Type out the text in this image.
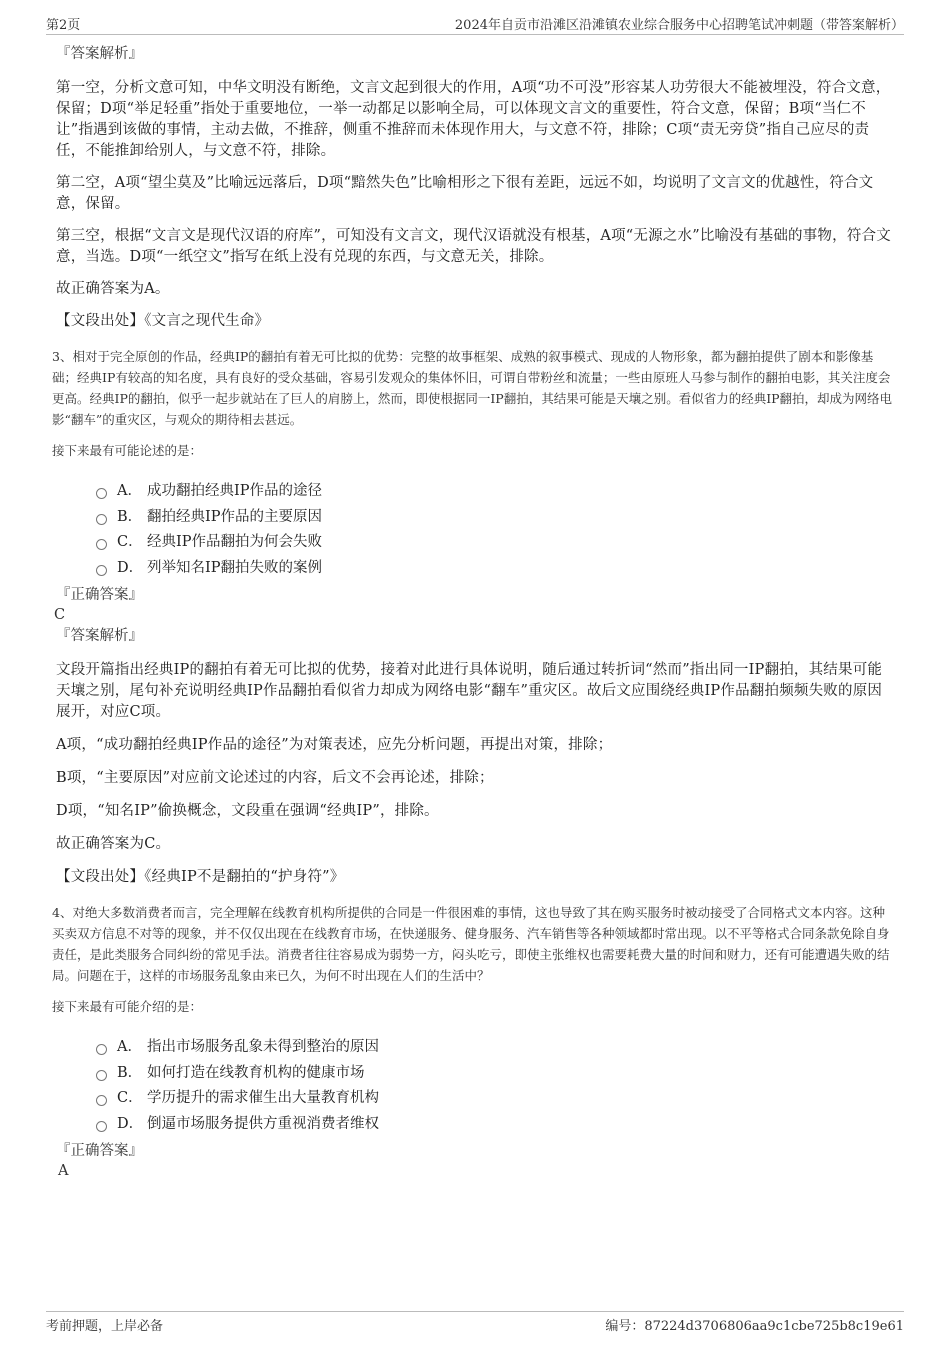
第2页	2024年自贡市沿滩区沿滩镇农业综合服务中心招聘笔试冲刺题（带答案解析）

『答案解析』

第一空，分析文意可知，中华文明没有断绝，文言文起到很大的作用，A项“功不可没”形容某人功劳很大不能被埋没，符合文意，保留；D项“举足轻重”指处于重要地位，一举一动都足以影响全局，可以体现文言文的重要性，符合文意，保留；B项“当仁不让”指遇到该做的事情，主动去做，不推辞，侧重不推辞而未体现作用大，与文意不符，排除；C项“责无旁贷”指自己应尽的责任，不能推卸给别人，与文意不符，排除。

第二空，A项“望尘莫及”比喻远远落后，D项“黯然失色”比喻相形之下很有差距，远远不如，均说明了文言文的优越性，符合文意，保留。

第三空，根据“文言文是现代汉语的府库”，可知没有文言文，现代汉语就没有根基，A项“无源之水”比喻没有基础的事物，符合文意，当选。D项“一纸空文”指写在纸上没有兑现的东西，与文意无关，排除。

故正确答案为A。

【文段出处】《文言之现代生命》

3、相对于完全原创的作品，经典IP的翻拍有着无可比拟的优势：完整的故事框架、成熟的叙事模式、现成的人物形象，都为翻拍提供了剧本和影像基础；经典IP有较高的知名度，具有良好的受众基础，容易引发观众的集体怀旧，可谓自带粉丝和流量；一些由原班人马参与制作的翻拍电影，其关注度会更高。经典IP的翻拍，似乎一起步就站在了巨人的肩膀上，然而，即使根据同一IP翻拍，其结果可能是天壤之别。看似省力的经典IP翻拍，却成为网络电影“翻车”的重灾区，与观众的期待相去甚远。

接下来最有可能论述的是：

A． 成功翻拍经典IP作品的途径
B． 翻拍经典IP作品的主要原因
C． 经典IP作品翻拍为何会失败
D． 列举知名IP翻拍失败的案例

『正确答案』

C

『答案解析』

文段开篇指出经典IP的翻拍有着无可比拟的优势，接着对此进行具体说明，随后通过转折词“然而”指出同一IP翻拍，其结果可能天壤之别，尾句补充说明经典IP作品翻拍看似省力却成为网络电影“翻车”重灾区。故后文应围绕经典IP作品翻拍频频失败的原因展开，对应C项。

A项，“成功翻拍经典IP作品的途径”为对策表述，应先分析问题，再提出对策，排除；

B项，“主要原因”对应前文论述过的内容，后文不会再论述，排除；

D项，“知名IP”偷换概念，文段重在强调“经典IP”，排除。

故正确答案为C。

【文段出处】《经典IP不是翻拍的“护身符”》

4、对绝大多数消费者而言，完全理解在线教育机构所提供的合同是一件很困难的事情，这也导致了其在购买服务时被动接受了合同格式文本内容。这种买卖双方信息不对等的现象，并不仅仅出现在在线教育市场，在快递服务、健身服务、汽车销售等各种领域都时常出现。以不平等格式合同条款免除自身责任，是此类服务合同纠纷的常见手法。消费者往往容易成为弱势一方，闷头吃亏，即使主张维权也需要耗费大量的时间和财力，还有可能遭遇失败的结局。问题在于，这样的市场服务乱象由来已久，为何不时出现在人们的生活中？

接下来最有可能介绍的是：

A． 指出市场服务乱象未得到整治的原因
B． 如何打造在线教育机构的健康市场
C． 学历提升的需求催生出大量教育机构
D． 倒逼市场服务提供方重视消费者维权

『正确答案』

A

考前押题，上岸必备	编号：87224d3706806aa9c1cbe725b8c19e61
